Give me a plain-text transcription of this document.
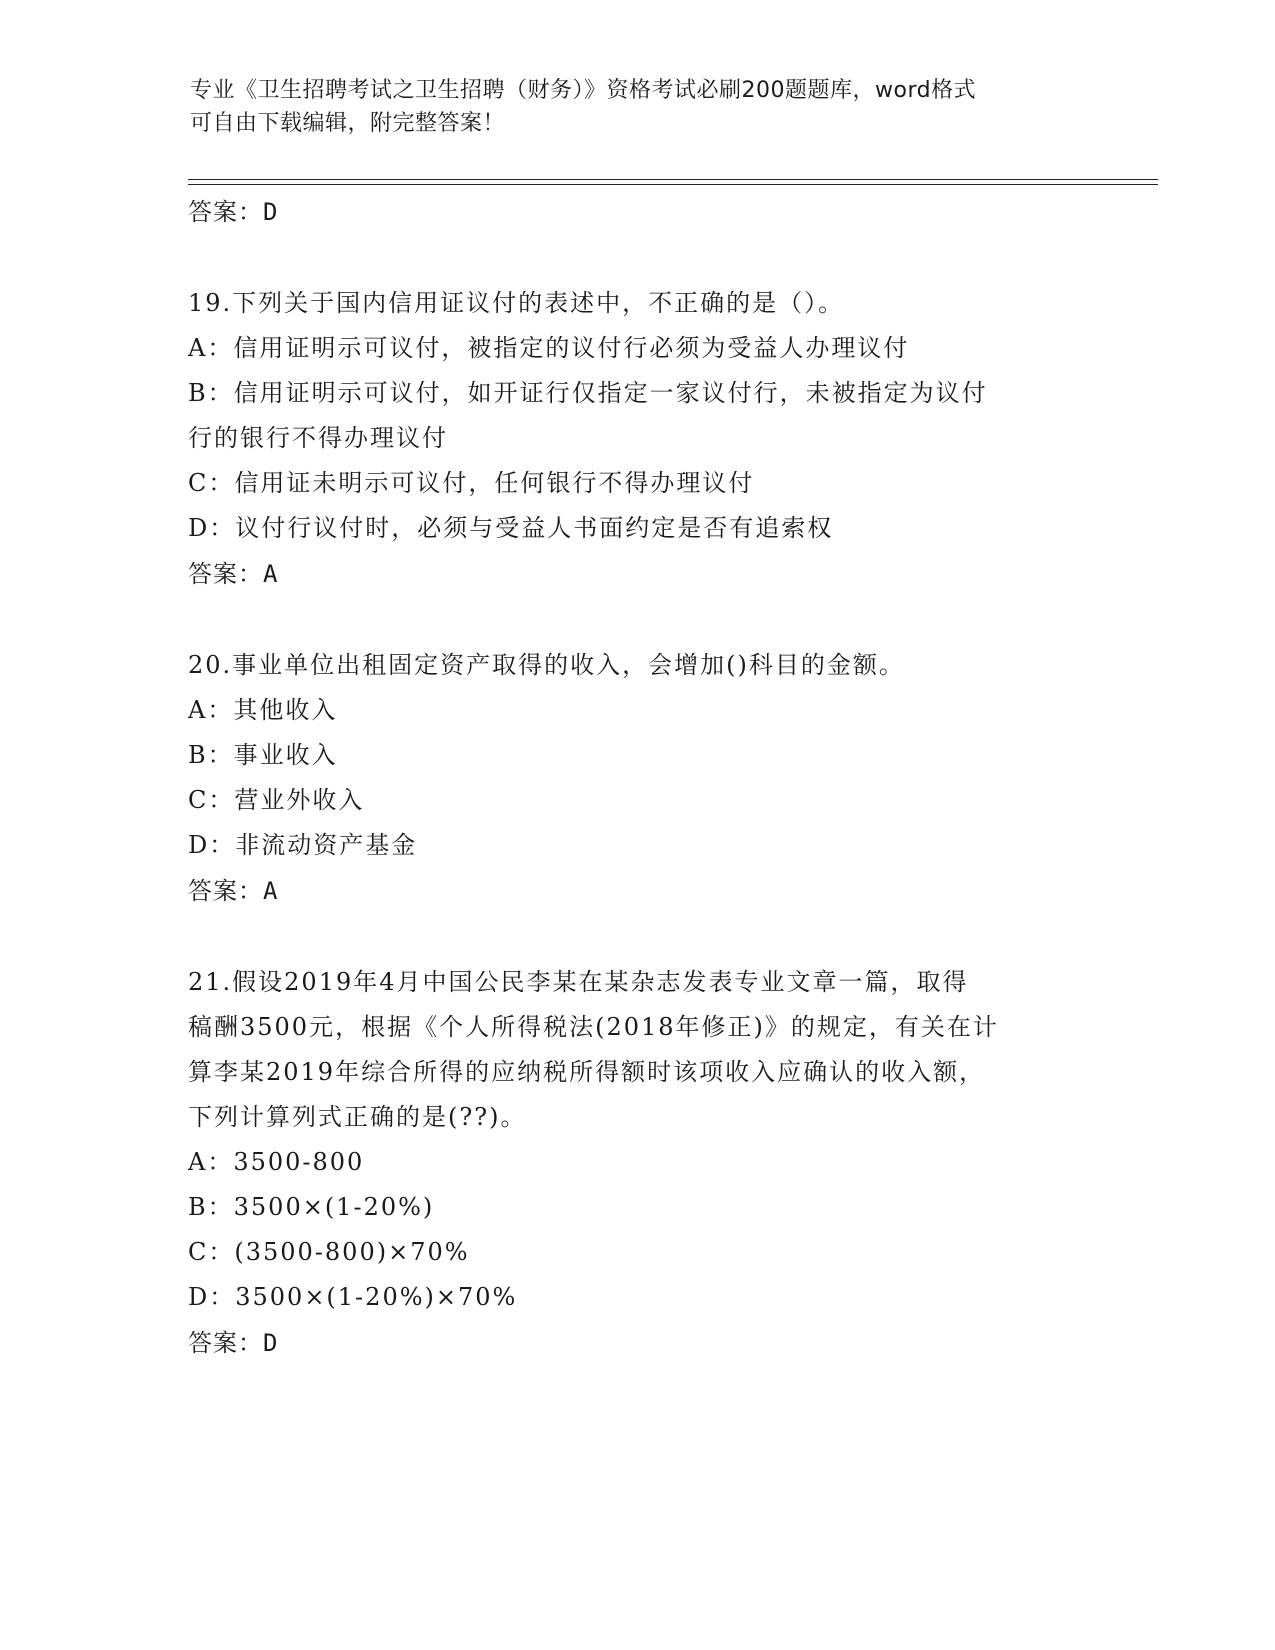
专业《卫生招聘考试之卫生招聘（财务）》资格考试必刷200题题库，word格式
可自由下载编辑，附完整答案！
答案：D
19.下列关于国内信用证议付的表述中，不正确的是（）。
A：信用证明示可议付，被指定的议付行必须为受益人办理议付
B：信用证明示可议付，如开证行仅指定一家议付行，未被指定为议付
行的银行不得办理议付
C：信用证未明示可议付，任何银行不得办理议付
D：议付行议付时，必须与受益人书面约定是否有追索权
答案：A
20.事业单位出租固定资产取得的收入，会增加()科目的金额。
A：其他收入
B：事业收入
C：营业外收入
D：非流动资产基金
答案：A
21.假设2019年4月中国公民李某在某杂志发表专业文章一篇，取得
稿酬3500元，根据《个人所得税法(2018年修正)》的规定，有关在计
算李某2019年综合所得的应纳税所得额时该项收入应确认的收入额，
下列计算列式正确的是(??)。
A：3500-800
B：3500×(1-20%)
C：(3500-800)×70%
D：3500×(1-20%)×70%
答案：D
